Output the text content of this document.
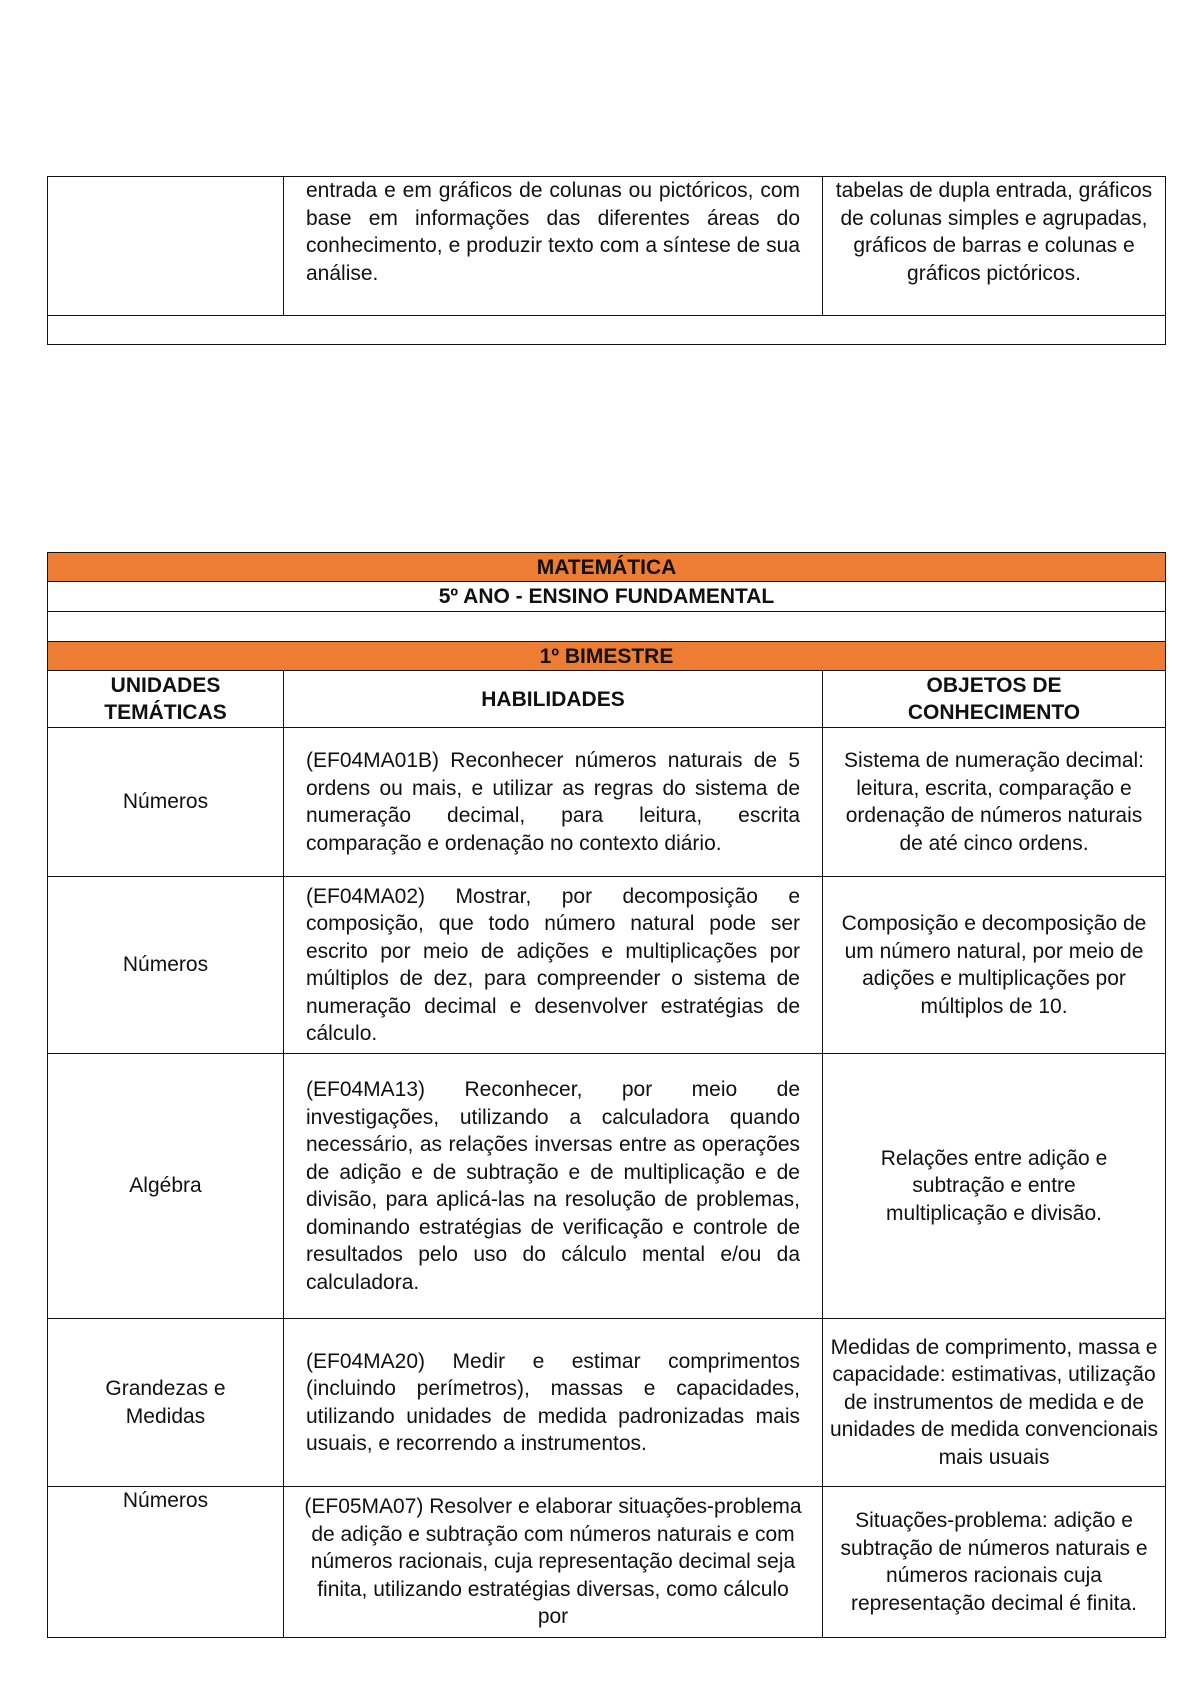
	entrada e em gráficos de colunas ou pictóricos, com base em informações das diferentes áreas do conhecimento, e produzir texto com a síntese de sua análise.	tabelas de dupla entrada, gráficos de colunas simples e agrupadas, gráficos de barras e colunas e gráficos pictóricos.

MATEMÁTICA		
5º ANO - ENSINO FUNDAMENTAL		

1º BIMESTRE		
UNIDADES TEMÁTICAS	HABILIDADES	OBJETOS DE CONHECIMENTO
Números	(EF04MA01B) Reconhecer números naturais de 5 ordens ou mais, e utilizar as regras do sistema de numeração decimal, para leitura, escrita comparação e ordenação no contexto diário.	Sistema de numeração decimal: leitura, escrita, comparação e ordenação de números naturais de até cinco ordens.
Números	(EF04MA02) Mostrar, por decomposição e composição, que todo número natural pode ser escrito por meio de adições e multiplicações por múltiplos de dez, para compreender o sistema de numeração decimal e desenvolver estratégias de cálculo.	Composição e decomposição de um número natural, por meio de adições e multiplicações por múltiplos de 10.
Algébra	(EF04MA13) Reconhecer, por meio de investigações, utilizando a calculadora quando necessário, as relações inversas entre as operações de adição e de subtração e de multiplicação e de divisão, para aplicá-las na resolução de problemas, dominando estratégias de verificação e controle de resultados pelo uso do cálculo mental e/ou da calculadora.	Relações entre adição e subtração e entre multiplicação e divisão.
Grandezas e Medidas	(EF04MA20) Medir e estimar comprimentos (incluindo perímetros), massas e capacidades, utilizando unidades de medida padronizadas mais usuais, e recorrendo a instrumentos.	Medidas de comprimento, massa e capacidade: estimativas, utilização de instrumentos de medida e de unidades de medida convencionais mais usuais
Números	(EF05MA07) Resolver e elaborar situações-problema de adição e subtração com números naturais e com números racionais, cuja representação decimal seja finita, utilizando estratégias diversas, como cálculo por	Situações-problema: adição e subtração de números naturais e números racionais cuja representação decimal é finita.
